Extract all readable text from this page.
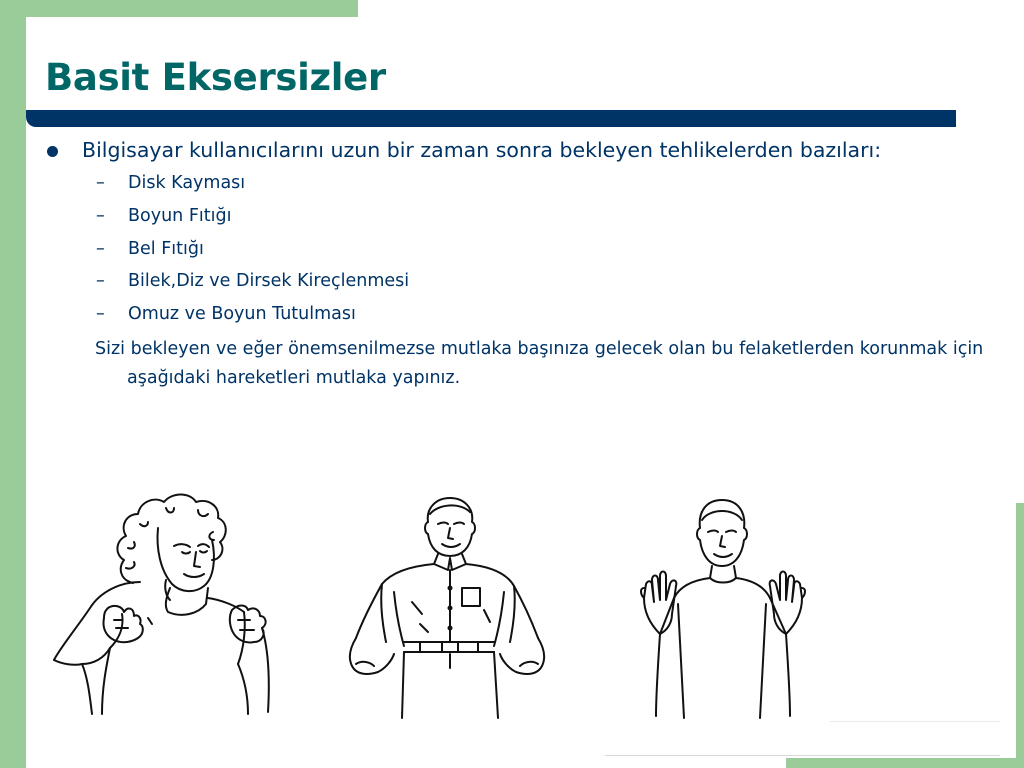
Basit Eksersizler
Bilgisayar kullanıcılarını uzun bir zaman sonra bekleyen tehlikelerden bazıları:
–	Disk Kayması
–	Boyun Fıtığı
–	Bel Fıtığı
–	Bilek,Diz ve Dirsek Kireçlenmesi
–	Omuz ve Boyun Tutulması
Sizi bekleyen ve eğer önemsenilmezse mutlaka başınıza gelecek olan bu felaketlerden korunmak için aşağıdaki hareketleri mutlaka yapınız.
